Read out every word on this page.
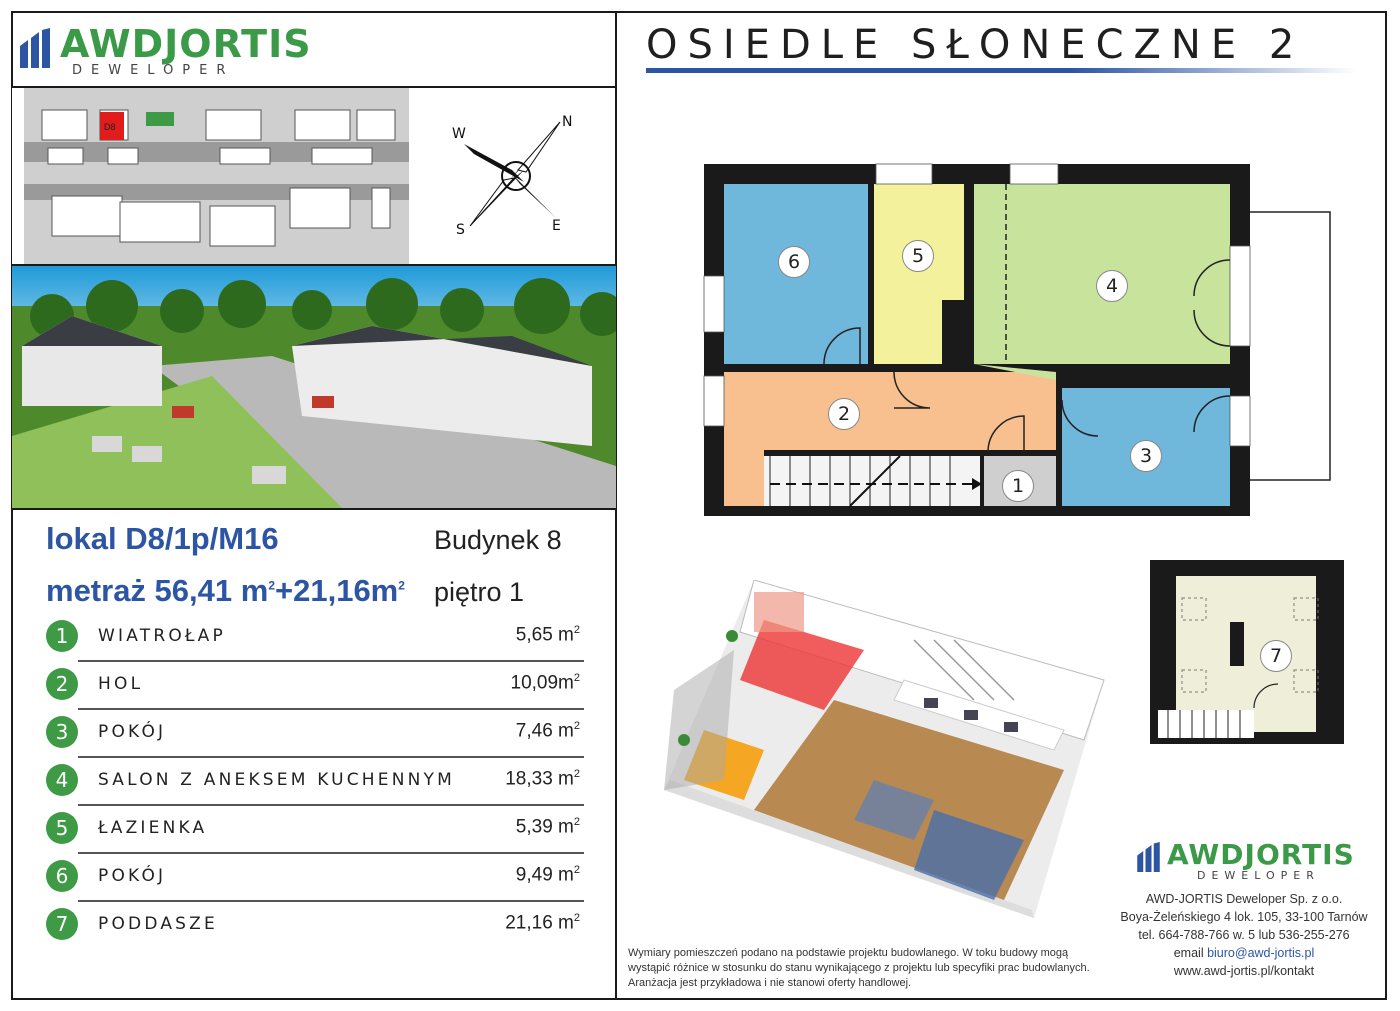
AWDJORTIS
DEWELOPER
D8	N
W
S	E
lokal D8/1p/M16	Budynek 8
metraż 56,41 $m^2+21,16m^2$ piętro 1
1	WIATROŁAP	5,65 $m^2$
2	HOL	$10,09m^2$
3	POKÓJ	7,46 $m^2$
4	SALON Z ANEKSEM KUCHENNYM	18,33 $m^2$
5	ŁAZIENKA	5,39 $m^2$
6	POKÓJ	9,49 $m^2$
7	PODDASZE	21,16 $m^2$
OSIEDLE SŁONECZNE 2
1
2
3
4
5
6
7
Wymiary pomieszczeń podano na podstawie projektu budowlanego. W toku budowy mogą
wystąpić różnice w stosunku do stanu wynikającego z projektu lub specyfiki prac budowlanych.
Aranżacja jest przykładowa i nie stanowi oferty handlowej.
AWDJORTIS
DEWELOPER
AWD-JORTIS Deweloper Sp. z o.o.
Boya-Żeleńskiego 4 lok. 105, 33-100 Tarnów
tel. 664-788-766 w. 5 lub 536-255-276
email biuro@awd-jortis.pl
www.awd-jortis.pl/kontakt
